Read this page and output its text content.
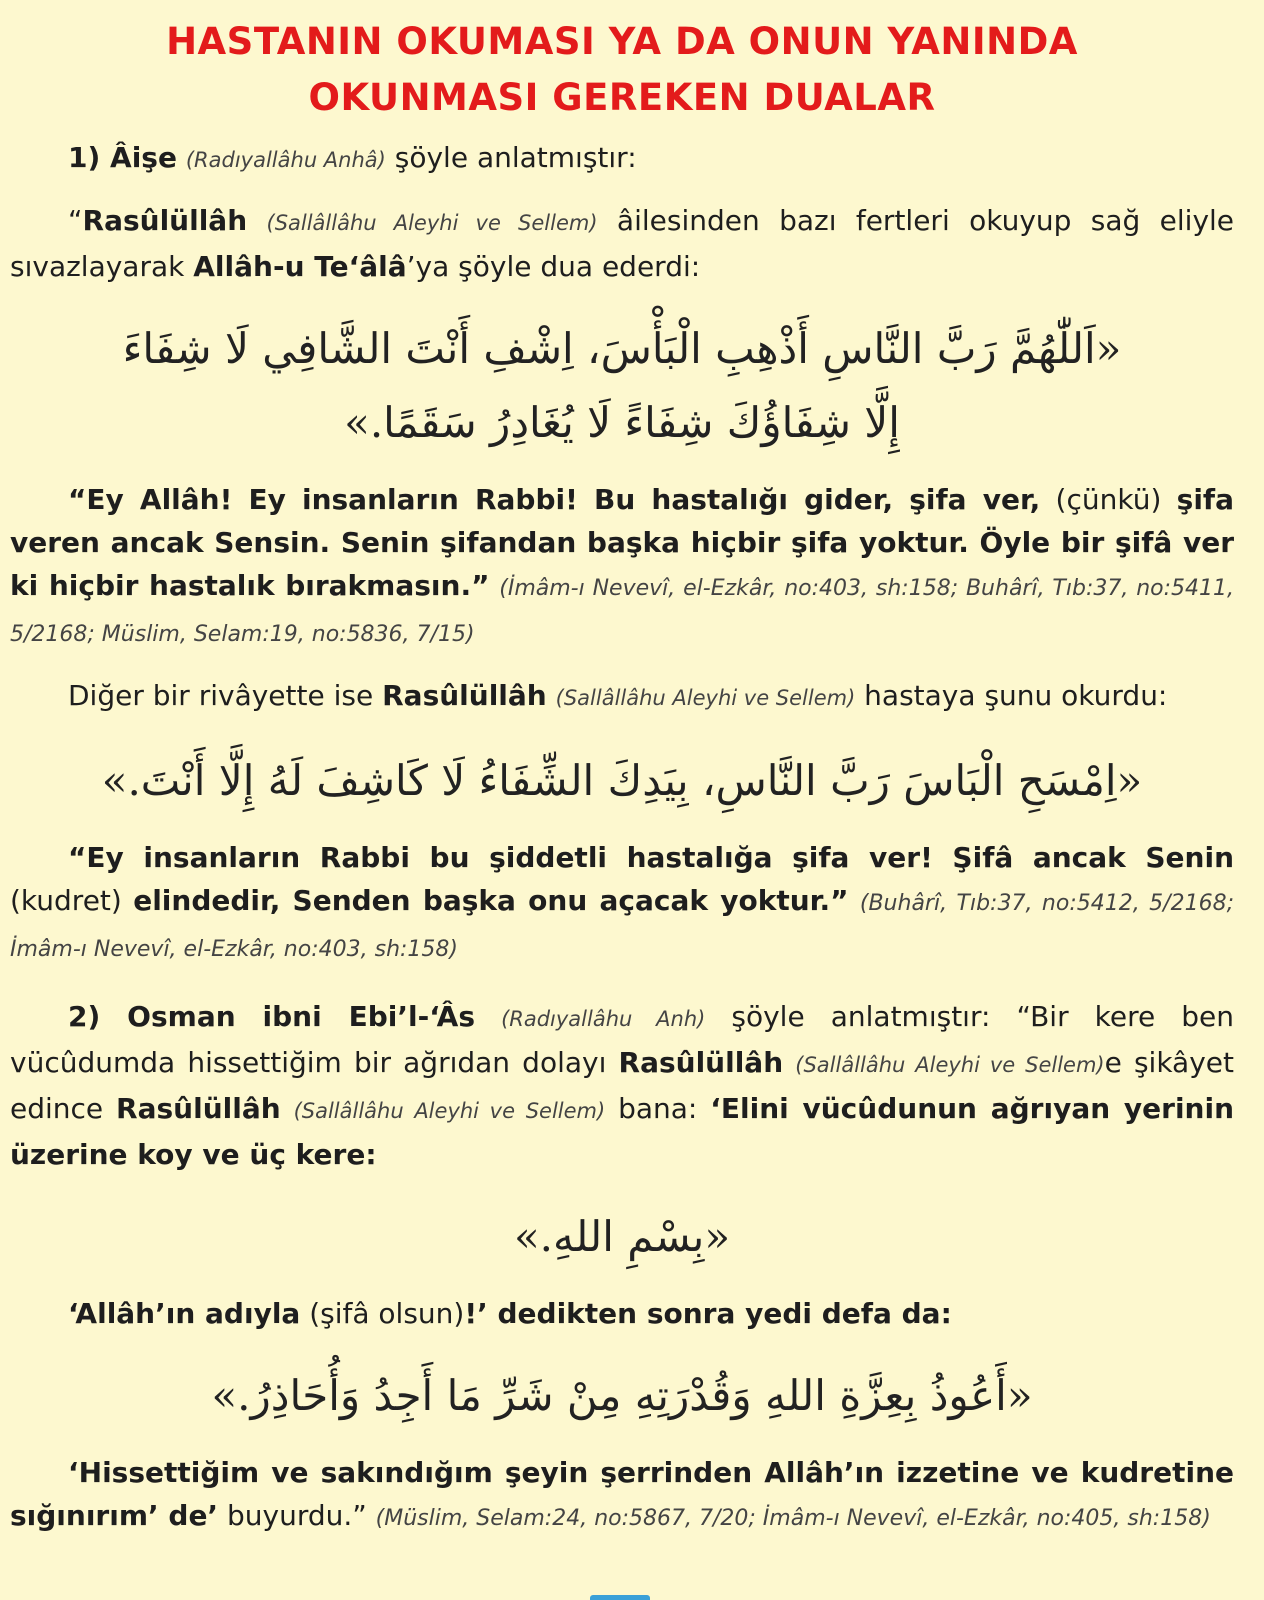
HASTANIN OKUMASI YA DA ONUN YANINDA
OKUNMASI GEREKEN DUALAR

1) Âişe (Radıyallâhu Anhâ) şöyle anlatmıştır:

“Rasûlüllâh (Sallâllâhu Aleyhi ve Sellem) âilesinden bazı fertleri okuyup sağ eliyle sıvazlayarak Allâh-u Te‘âlâ’ya şöyle dua ederdi:

«اَللّٰهُمَّ رَبَّ النَّاسِ أَذْهِبِ الْبَأْسَ، اِشْفِ أَنْتَ الشَّافِي لَا شِفَاءَ
إِلَّا شِفَاؤُكَ شِفَاءً لَا يُغَادِرُ سَقَمًا.»

“Ey Allâh! Ey insanların Rabbi! Bu hastalığı gider, şifa ver, (çünkü) şifa veren ancak Sensin. Senin şifandan başka hiçbir şifa yoktur. Öyle bir şifâ ver ki hiçbir hastalık bırakmasın.” (İmâm-ı Nevevî, el-Ezkâr, no:403, sh:158; Buhârî, Tıb:37, no:5411, 5/2168; Müslim, Selam:19, no:5836, 7/15)

Diğer bir rivâyette ise Rasûlüllâh (Sallâllâhu Aleyhi ve Sellem) hastaya şunu okurdu:

«اِمْسَحِ الْبَاسَ رَبَّ النَّاسِ، بِيَدِكَ الشِّفَاءُ لَا كَاشِفَ لَهُ إِلَّا أَنْتَ.»

“Ey insanların Rabbi bu şiddetli hastalığa şifa ver! Şifâ ancak Senin (kudret) elindedir, Senden başka onu açacak yoktur.” (Buhârî, Tıb:37, no:5412, 5/2168; İmâm-ı Nevevî, el-Ezkâr, no:403, sh:158)

2) Osman ibni Ebi’l-‘Âs (Radıyallâhu Anh) şöyle anlatmıştır: “Bir kere ben vücûdumda hissettiğim bir ağrıdan dolayı Rasûlüllâh (Sallâllâhu Aleyhi ve Sellem)e şikâyet edince Rasûlüllâh (Sallâllâhu Aleyhi ve Sellem) bana: ‘Elini vücûdunun ağrıyan yerinin üzerine koy ve üç kere:

«بِسْمِ اللهِ.»

‘Allâh’ın adıyla (şifâ olsun)!’ dedikten sonra yedi defa da:

«أَعُوذُ بِعِزَّةِ اللهِ وَقُدْرَتِهِ مِنْ شَرِّ مَا أَجِدُ وَأُحَاذِرُ.»

‘Hissettiğim ve sakındığım şeyin şerrinden Allâh’ın izzetine ve kudretine sığınırım’ de’ buyurdu.” (Müslim, Selam:24, no:5867, 7/20; İmâm-ı Nevevî, el-Ezkâr, no:405, sh:158)
